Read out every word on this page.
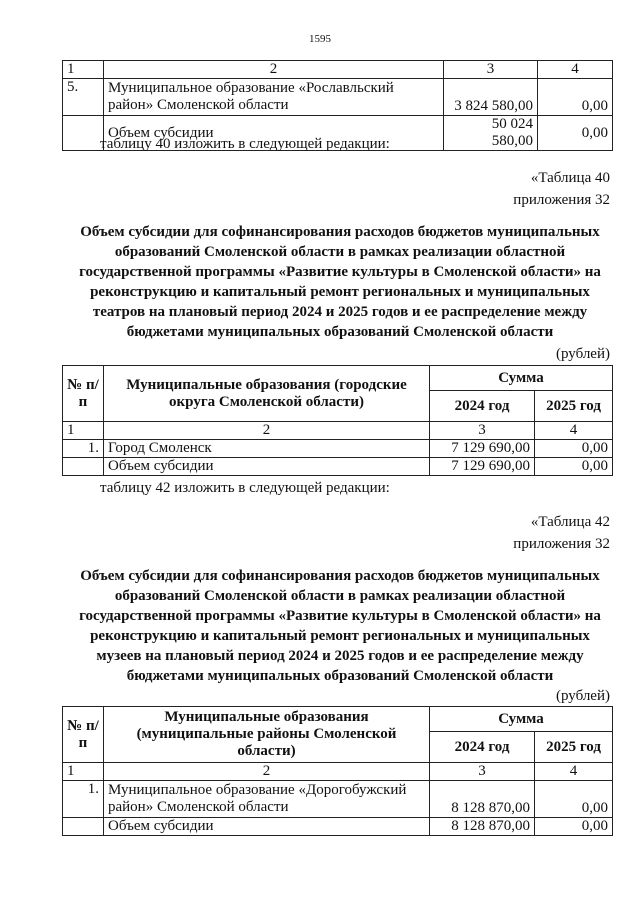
1595
1	2	3	4
5.	Муниципальное образование «Рославльский район» Смоленской области	3 824 580,00	0,00
	Объем субсидии	50 024 580,00	0,00
таблицу 40 изложить в следующей редакции:
«Таблица 40
приложения 32
Объем субсидии для софинансирования расходов бюджетов муниципальных
образований Смоленской области в рамках реализации областной
государственной программы «Развитие культуры в Смоленской области» на
реконструкцию и капитальный ремонт региональных и муниципальных
театров на плановый период 2024 и 2025 годов и ее распределение между
бюджетами муниципальных образований Смоленской области
(рублей)
№ п/п	Муниципальные образования (городские округа Смоленской области)	Сумма	
		2024 год	2025 год
1	2	3	4
1.	Город Смоленск	7 129 690,00	0,00
	Объем субсидии	7 129 690,00	0,00
таблицу 42 изложить в следующей редакции:
«Таблица 42
приложения 32
Объем субсидии для софинансирования расходов бюджетов муниципальных
образований Смоленской области в рамках реализации областной
государственной программы «Развитие культуры в Смоленской области» на
реконструкцию и капитальный ремонт региональных и муниципальных
музеев на плановый период 2024 и 2025 годов и ее распределение между
бюджетами муниципальных образований Смоленской области
(рублей)
№ п/п	Муниципальные образования (муниципальные районы Смоленской области)	Сумма	
		2024 год	2025 год
1	2	3	4
1.	Муниципальное образование «Дорогобужский район» Смоленской области	8 128 870,00	0,00
	Объем субсидии	8 128 870,00	0,00
